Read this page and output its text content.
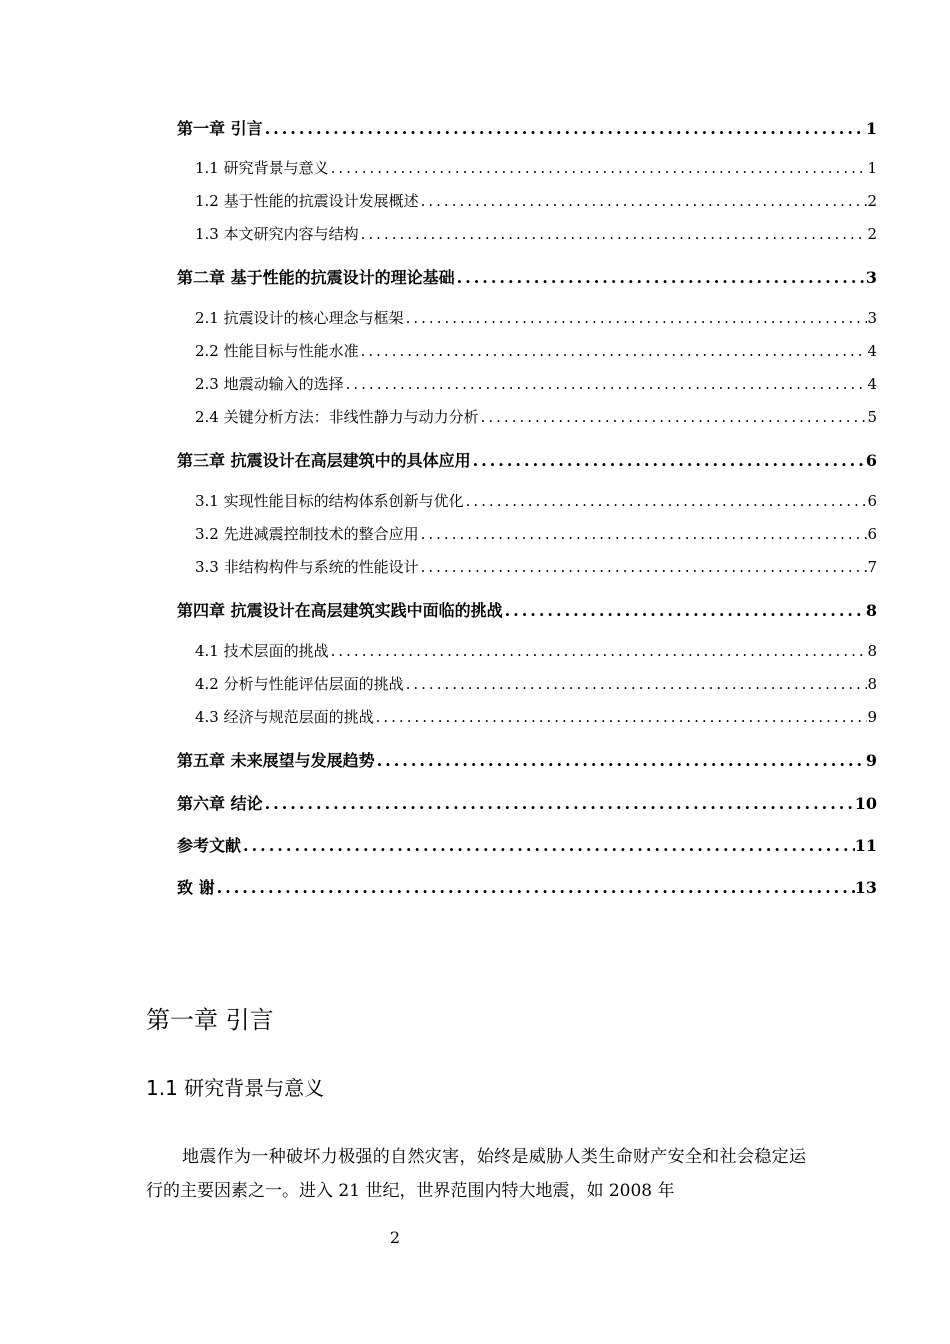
第一章 引言 .....	1
1.1 研究背景与意义 .....	1
1.2 基于性能的抗震设计发展概述 .....	2
1.3 本文研究内容与结构 .....	2
第二章 基于性能的抗震设计的理论基础 .....	3
2.1 抗震设计的核心理念与框架 .....	3
2.2 性能目标与性能水准 .....	4
2.3 地震动输入的选择 .....	4
2.4 关键分析方法：非线性静力与动力分析 .....	5
第三章 抗震设计在高层建筑中的具体应用 .....	6
3.1 实现性能目标的结构体系创新与优化 .....	6
3.2 先进减震控制技术的整合应用 .....	6
3.3 非结构构件与系统的性能设计 .....	7
第四章 抗震设计在高层建筑实践中面临的挑战 .....	8
4.1 技术层面的挑战 .....	8
4.2 分析与性能评估层面的挑战 .....	8
4.3 经济与规范层面的挑战 .....	9
第五章 未来展望与发展趋势 .....	9
第六章 结论 .....	10
参考文献 .....	11
致 谢 .....	13
第一章 引言
1.1 研究背景与意义
地震作为一种破坏力极强的自然灾害，始终是威胁人类生命财产安全和社会稳定运行的主要因素之一。进入 21 世纪，世界范围内特大地震，如 2008 年
2
